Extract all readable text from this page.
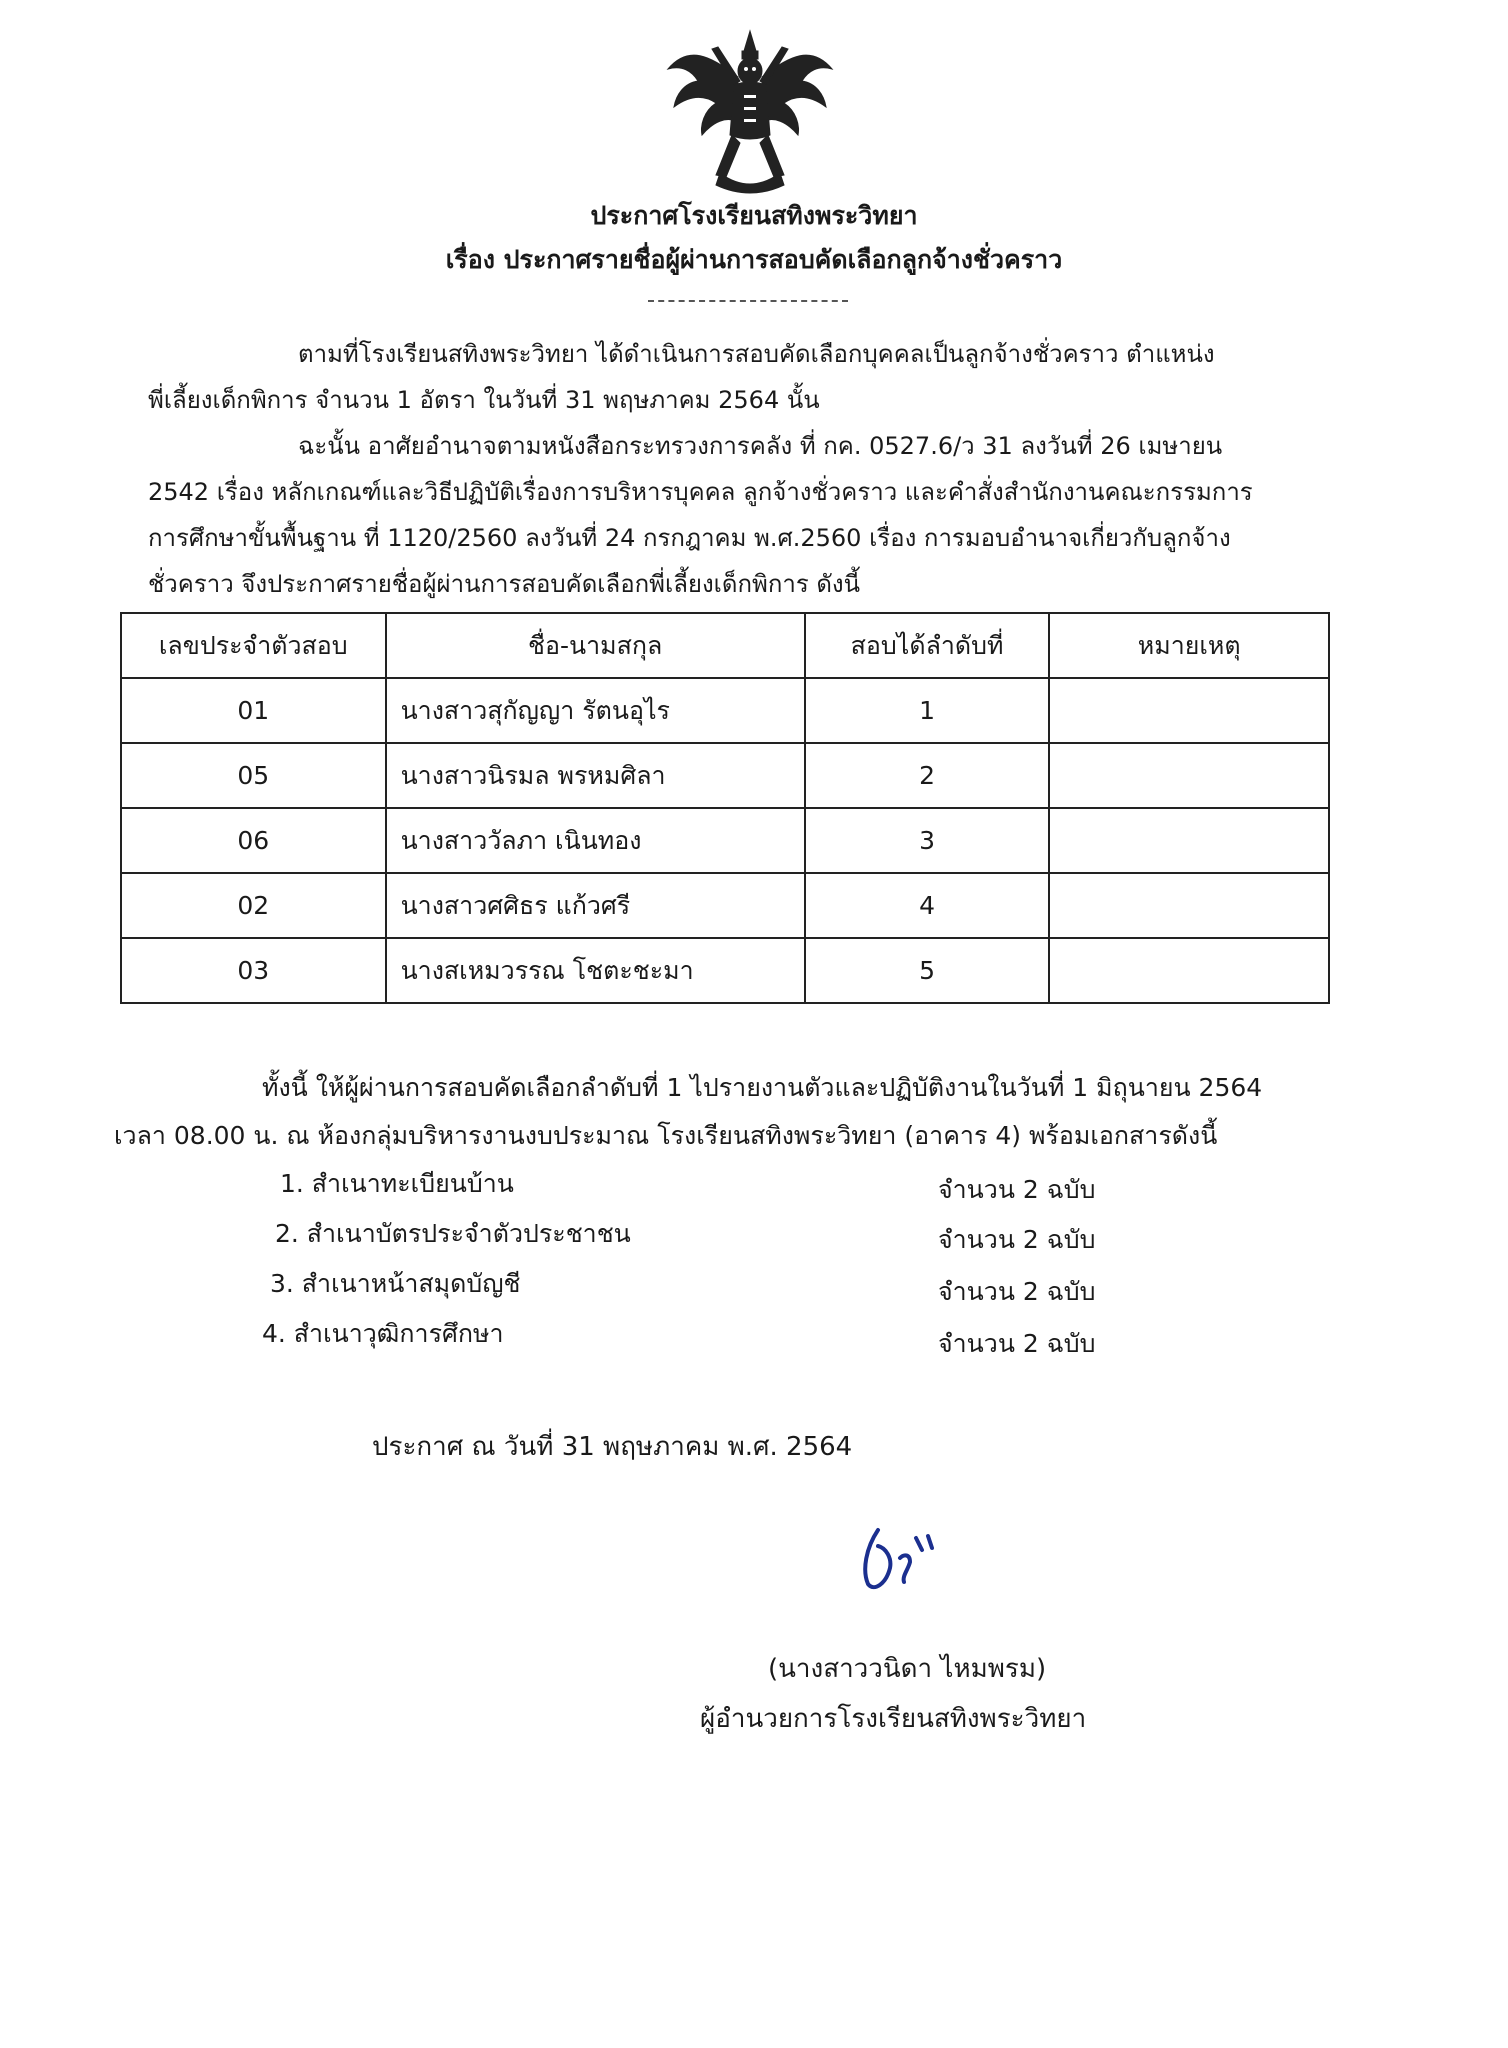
ประกาศโรงเรียนสทิงพระวิทยา
เรื่อง ประกาศรายชื่อผู้ผ่านการสอบคัดเลือกลูกจ้างชั่วคราว
ตามที่โรงเรียนสทิงพระวิทยา ได้ดำเนินการสอบคัดเลือกบุคคลเป็นลูกจ้างชั่วคราว ตำแหน่ง
พี่เลี้ยงเด็กพิการ จำนวน 1 อัตรา ในวันที่ 31 พฤษภาคม 2564 นั้น
ฉะนั้น อาศัยอำนาจตามหนังสือกระทรวงการคลัง ที่ กค. 0527.6/ว 31 ลงวันที่ 26 เมษายน
2542 เรื่อง หลักเกณฑ์และวิธีปฏิบัติเรื่องการบริหารบุคคล ลูกจ้างชั่วคราว และคำสั่งสำนักงานคณะกรรมการ
การศึกษาขั้นพื้นฐาน ที่ 1120/2560 ลงวันที่ 24 กรกฎาคม พ.ศ.2560 เรื่อง การมอบอำนาจเกี่ยวกับลูกจ้าง
ชั่วคราว จึงประกาศรายชื่อผู้ผ่านการสอบคัดเลือกพี่เลี้ยงเด็กพิการ ดังนี้
เลขประจำตัวสอบ	ชื่อ-นามสกุล	สอบได้ลำดับที่	หมายเหตุ
01	นางสาวสุกัญญา รัตนอุไร	1	
05	นางสาวนิรมล พรหมศิลา	2	
06	นางสาววัลภา เนินทอง	3	
02	นางสาวศศิธร แก้วศรี	4	
03	นางสเหมวรรณ โชตะชะมา	5	
ทั้งนี้ ให้ผู้ผ่านการสอบคัดเลือกลำดับที่ 1 ไปรายงานตัวและปฏิบัติงานในวันที่ 1 มิถุนายน 2564
เวลา 08.00 น. ณ ห้องกลุ่มบริหารงานงบประมาณ โรงเรียนสทิงพระวิทยา (อาคาร 4) พร้อมเอกสารดังนี้
1. สำเนาทะเบียนบ้าน	จำนวน 2 ฉบับ
2. สำเนาบัตรประจำตัวประชาชน	จำนวน 2 ฉบับ
3. สำเนาหน้าสมุดบัญชี	จำนวน 2 ฉบับ
4. สำเนาวุฒิการศึกษา	จำนวน 2 ฉบับ
ประกาศ ณ วันที่ 31 พฤษภาคม พ.ศ. 2564
(นางสาววนิดา ไหมพรม)
ผู้อำนวยการโรงเรียนสทิงพระวิทยา
